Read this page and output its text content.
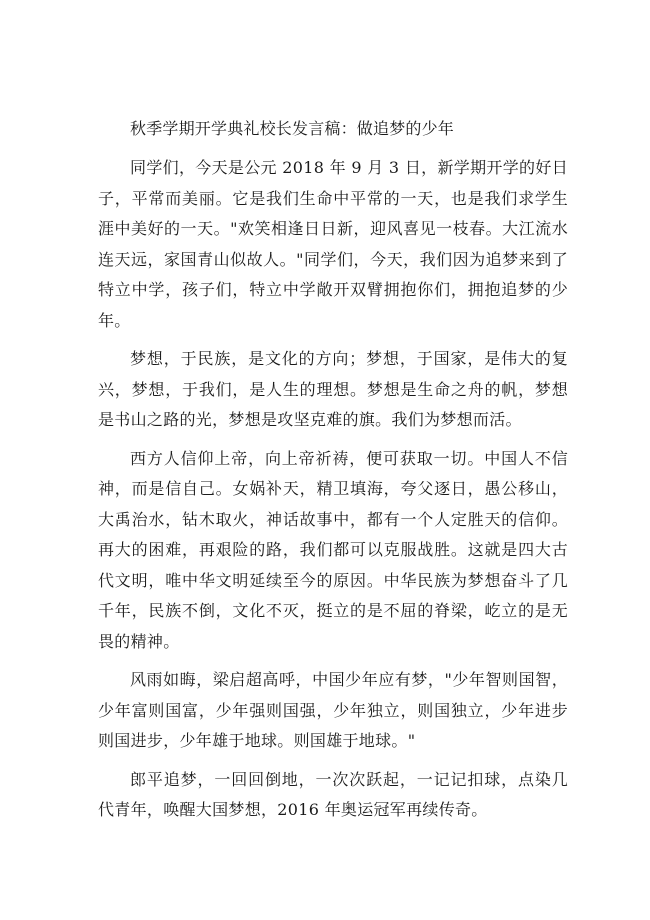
秋季学期开学典礼校长发言稿：做追梦的少年

同学们，今天是公元 2018 年 9 月 3 日，新学期开学的好日子，平常而美丽。它是我们生命中平常的一天，也是我们求学生涯中美好的一天。"欢笑相逢日日新，迎风喜见一枝春。大江流水连天远，家国青山似故人。"同学们，今天，我们因为追梦来到了特立中学，孩子们，特立中学敞开双臂拥抱你们，拥抱追梦的少年。

梦想，于民族，是文化的方向；梦想，于国家，是伟大的复兴，梦想，于我们，是人生的理想。梦想是生命之舟的帆，梦想是书山之路的光，梦想是攻坚克难的旗。我们为梦想而活。

西方人信仰上帝，向上帝祈祷，便可获取一切。中国人不信神，而是信自己。女娲补天，精卫填海，夸父逐日，愚公移山，大禹治水，钻木取火，神话故事中，都有一个人定胜天的信仰。再大的困难，再艰险的路，我们都可以克服战胜。这就是四大古代文明，唯中华文明延续至今的原因。中华民族为梦想奋斗了几千年，民族不倒，文化不灭，挺立的是不屈的脊梁，屹立的是无畏的精神。

风雨如晦，梁启超高呼，中国少年应有梦，"少年智则国智，少年富则国富，少年强则国强，少年独立，则国独立，少年进步则国进步，少年雄于地球。则国雄于地球。"

郎平追梦，一回回倒地，一次次跃起，一记记扣球，点染几代青年，唤醒大国梦想，2016 年奥运冠军再续传奇。
